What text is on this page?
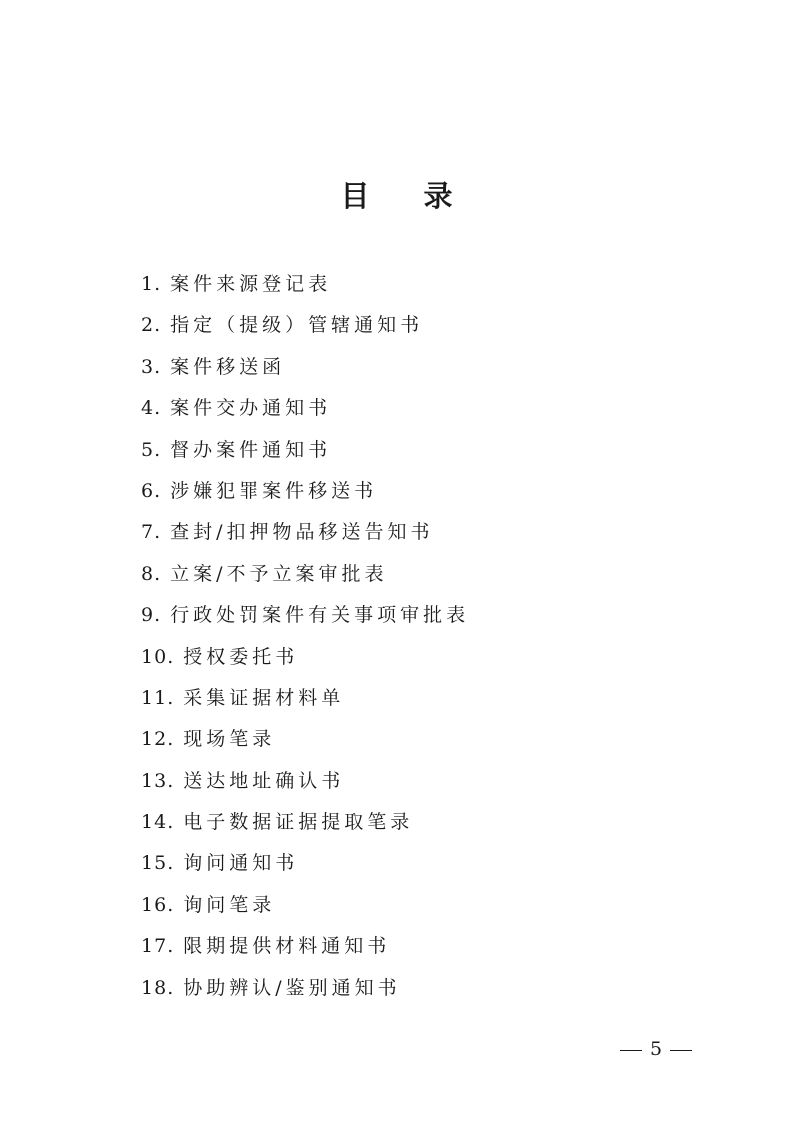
目 录
1. 案件来源登记表
2. 指定（提级）管辖通知书
3. 案件移送函
4. 案件交办通知书
5. 督办案件通知书
6. 涉嫌犯罪案件移送书
7. 查封/扣押物品移送告知书
8. 立案/不予立案审批表
9. 行政处罚案件有关事项审批表
10. 授权委托书
11. 采集证据材料单
12. 现场笔录
13. 送达地址确认书
14. 电子数据证据提取笔录
15. 询问通知书
16. 询问笔录
17. 限期提供材料通知书
18. 协助辨认/鉴别通知书
5
